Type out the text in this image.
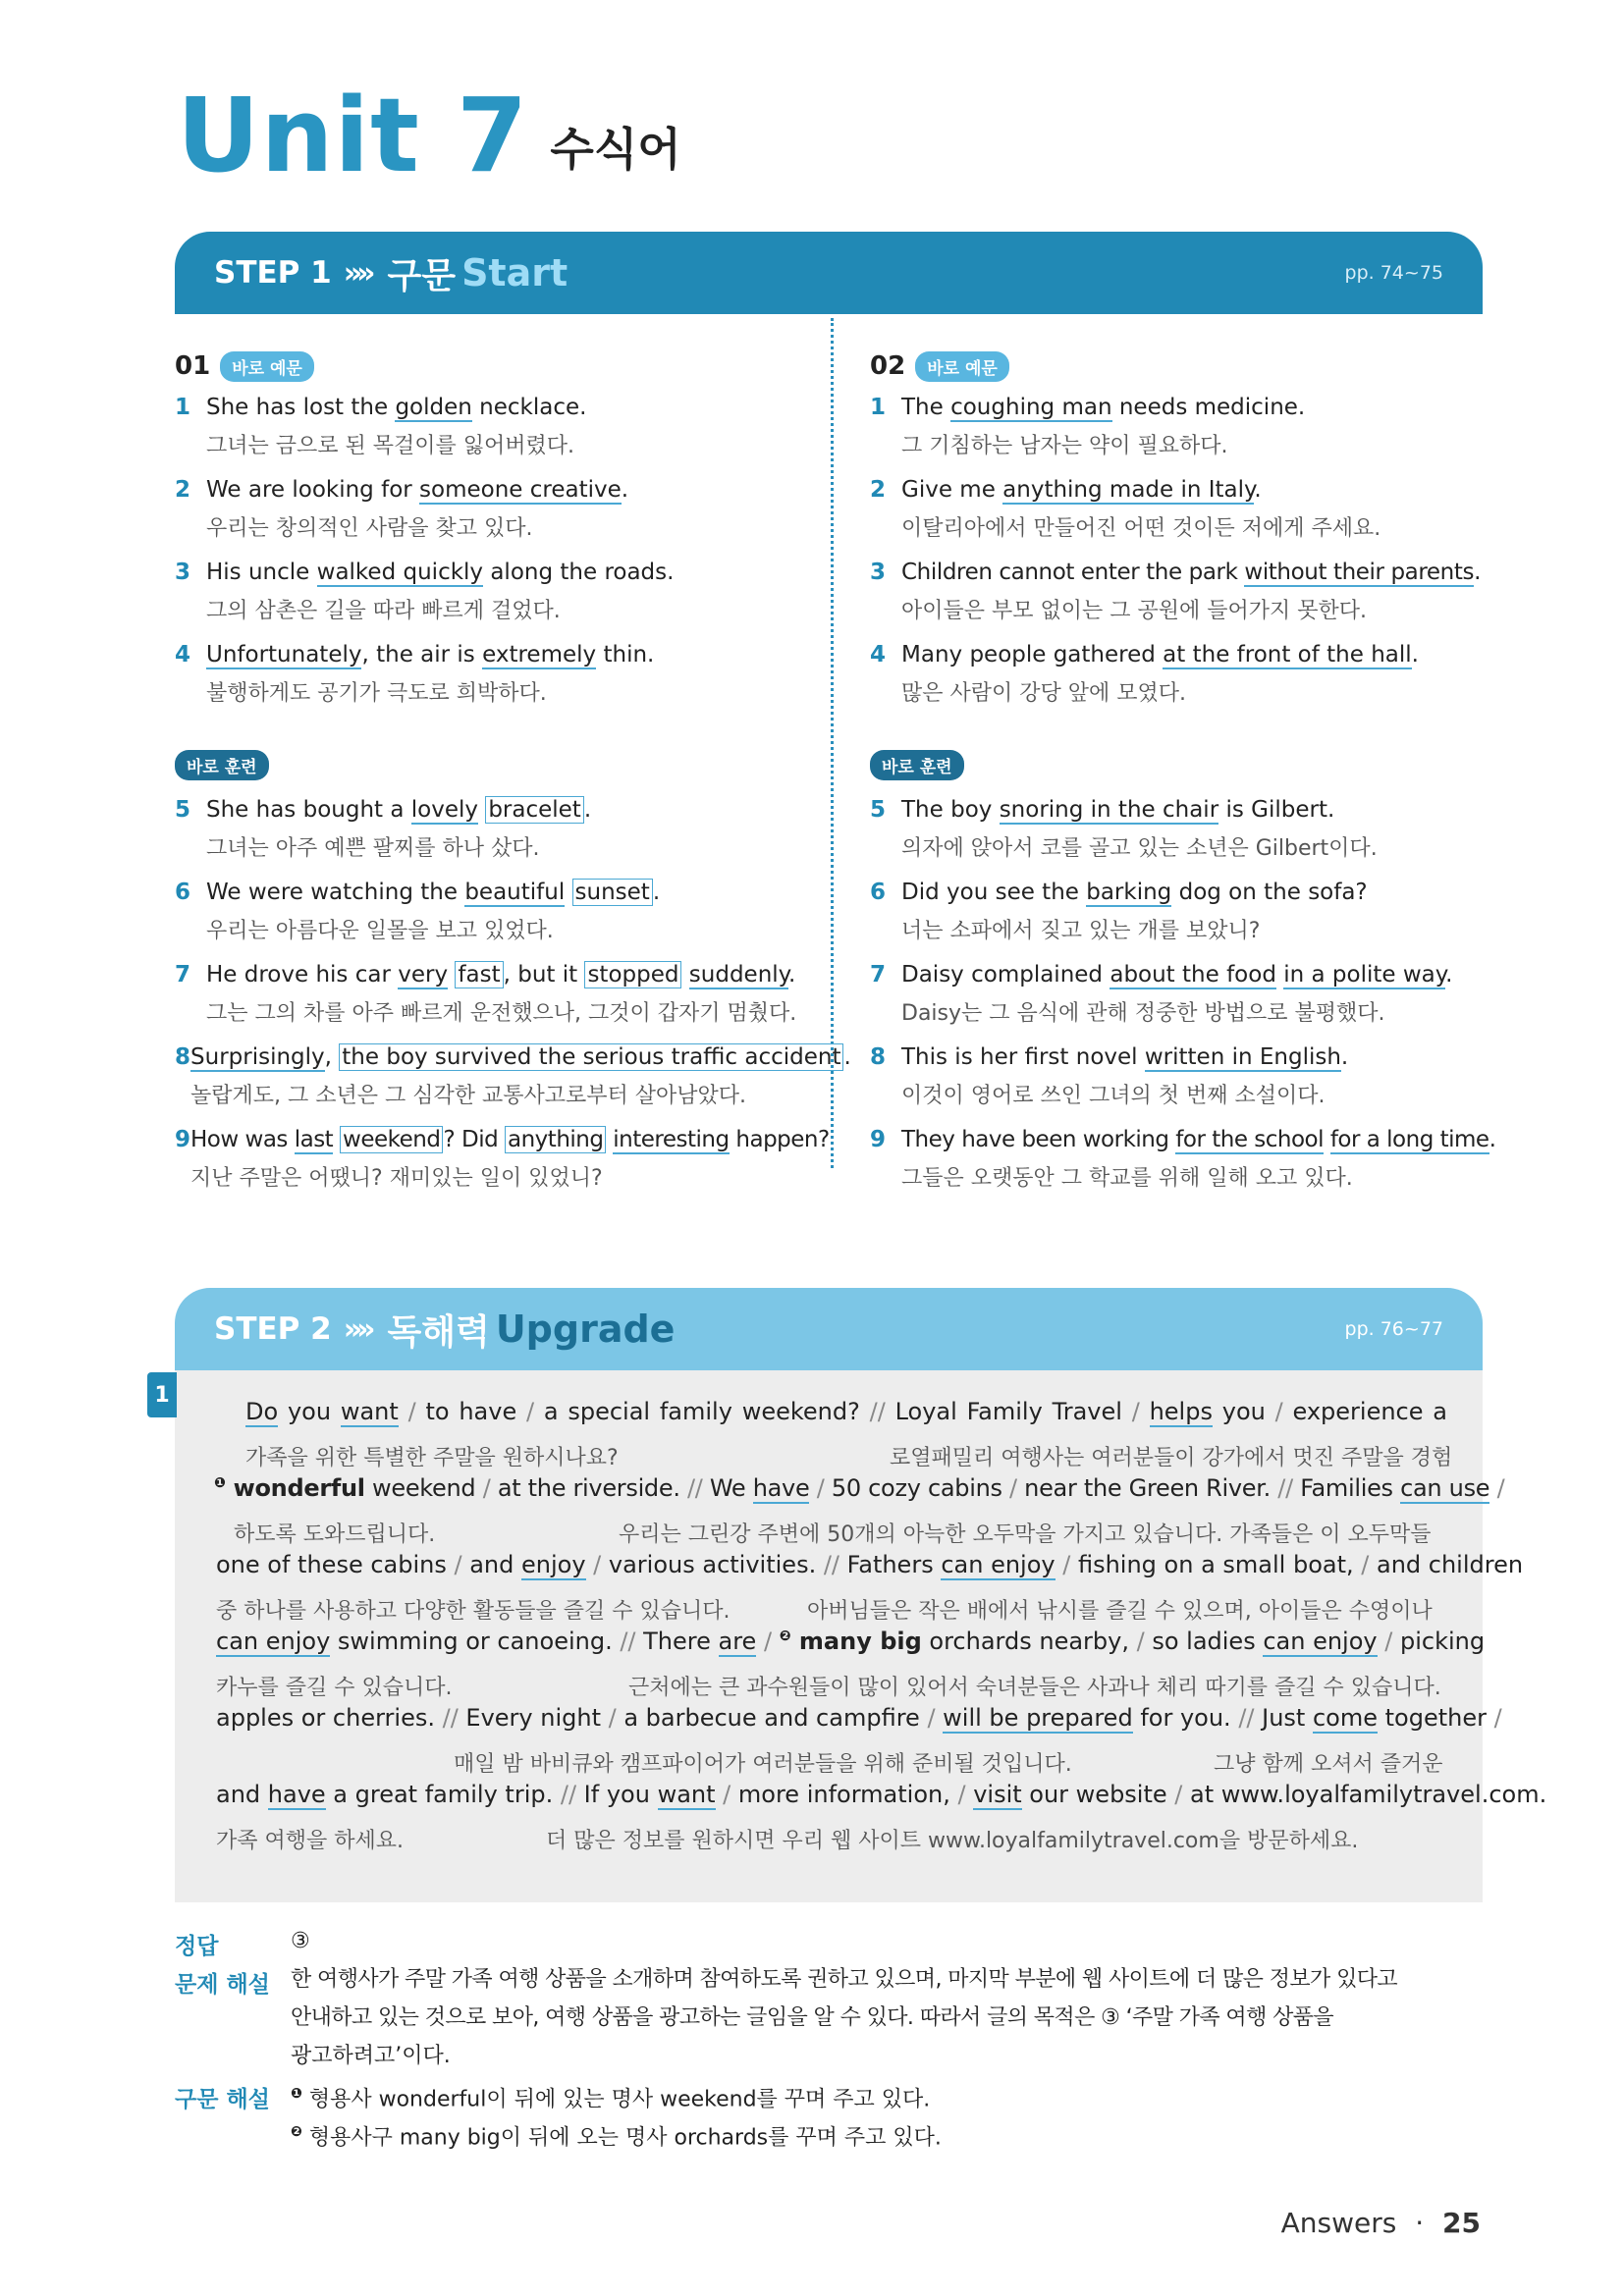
Unit 7 수식어
STEP 1 »» 구문 Start	pp. 74~75
01	바로 예문
1 She has lost the golden necklace.
그녀는 금으로 된 목걸이를 잃어버렸다.
2 We are looking for someone creative.
우리는 창의적인 사람을 찾고 있다.
3 His uncle walked quickly along the roads.
그의 삼촌은 길을 따라 빠르게 걸었다.
4 Unfortunately, the air is extremely thin.
불행하게도 공기가 극도로 희박하다.
바로 훈련
5 She has bought a lovely bracelet .
그녀는 아주 예쁜 팔찌를 하나 샀다.
6 We were watching the beautiful sunset .
우리는 아름다운 일몰을 보고 있었다.
7 He drove his car very fast , but it stopped suddenly.
그는 그의 차를 아주 빠르게 운전했으나, 그것이 갑자기 멈췄다.
8 Surprisingly, the boy survived the serious traffic accident .
놀랍게도, 그 소년은 그 심각한 교통사고로부터 살아남았다.
9 How was last weekend ? Did anything interesting happen?
지난 주말은 어땠니? 재미있는 일이 있었니?
02	바로 예문
1 The coughing man needs medicine.
그 기침하는 남자는 약이 필요하다.
2 Give me anything made in Italy.
이탈리아에서 만들어진 어떤 것이든 저에게 주세요.
3 Children cannot enter the park without their parents.
아이들은 부모 없이는 그 공원에 들어가지 못한다.
4 Many people gathered at the front of the hall.
많은 사람이 강당 앞에 모였다.
바로 훈련
5 The boy snoring in the chair is Gilbert.
의자에 앉아서 코를 골고 있는 소년은 Gilbert이다.
6 Did you see the barking dog on the sofa?
너는 소파에서 짖고 있는 개를 보았니?
7 Daisy complained about the food in a polite way.
Daisy는 그 음식에 관해 정중한 방법으로 불평했다.
8 This is her first novel written in English.
이것이 영어로 쓰인 그녀의 첫 번째 소설이다.
9 They have been working for the school for a long time.
그들은 오랫동안 그 학교를 위해 일해 오고 있다.
STEP 2 »» 독해력 Upgrade	pp. 76~77
1
Do you want / to have / a special family weekend? // Loyal Family Travel / helps you / experience a
가족을 위한 특별한 주말을 원하시나요?	로열패밀리 여행사는 여러분들이 강가에서 멋진 주말을 경험
$^❶$ wonderful weekend / at the riverside. // We have / 50 cozy cabins / near the Green River. // Families can use /
하도록 도와드립니다.	우리는 그린강 주변에 50개의 아늑한 오두막을 가지고 있습니다. 가족들은 이 오두막들
one of these cabins / and enjoy / various activities. // Fathers can enjoy / fishing on a small boat, / and children
중 하나를 사용하고 다양한 활동들을 즐길 수 있습니다.	아버님들은 작은 배에서 낚시를 즐길 수 있으며, 아이들은 수영이나
can enjoy swimming or canoeing. // There are / $^❷$ many big orchards nearby, / so ladies can enjoy / picking
카누를 즐길 수 있습니다.	근처에는 큰 과수원들이 많이 있어서 숙녀분들은 사과나 체리 따기를 즐길 수 있습니다.
apples or cherries. // Every night / a barbecue and campfire / will be prepared for you. // Just come together /
매일 밤 바비큐와 캠프파이어가 여러분들을 위해 준비될 것입니다.	그냥 함께 오셔서 즐거운
and have a great family trip. // If you want / more information, / visit our website / at www.loyalfamilytravel.com.
가족 여행을 하세요.	더 많은 정보를 원하시면 우리 웹 사이트 www.loyalfamilytravel.com을 방문하세요.
정답	③
문제 해설 한 여행사가 주말 가족 여행 상품을 소개하며 참여하도록 권하고 있으며, 마지막 부분에 웹 사이트에 더 많은 정보가 있다고
안내하고 있는 것으로 보아, 여행 상품을 광고하는 글임을 알 수 있다. 따라서 글의 목적은 ③ ‘주말 가족 여행 상품을
광고하려고’이다.
구문 해설 $^❶$ 형용사 wonderful이 뒤에 있는 명사 weekend를 꾸며 주고 있다.
$^❷$ 형용사구 many big이 뒤에 오는 명사 orchards를 꾸며 주고 있다.
Answers · 25
